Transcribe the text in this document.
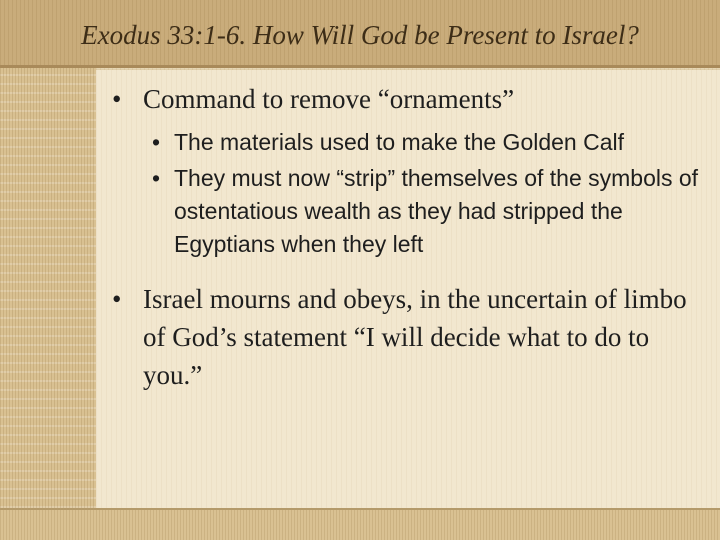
Exodus 33:1-6. How Will God be Present to Israel?
• Command to remove “ornaments”
• The materials used to make the Golden Calf
• They must now “strip” themselves of the symbols of ostentatious wealth as they had stripped the Egyptians when they left
• Israel mourns and obeys, in the uncertain of limbo of God’s statement “I will decide what to do to you.”
